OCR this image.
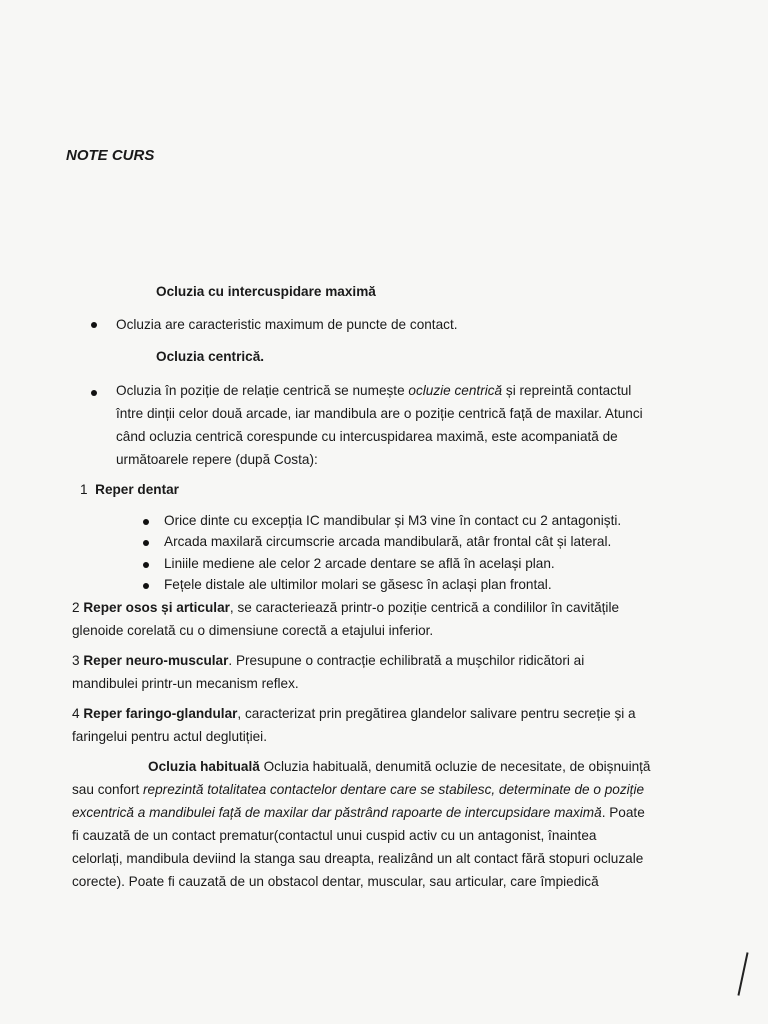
NOTE CURS
Ocluzia cu intercuspidare maximă
Ocluzia are caracteristic maximum de puncte de contact.
Ocluzia centrică.
Ocluzia în poziție de relație centrică se numește ocluzie centrică și repreintă contactul
între dinții celor două arcade, iar mandibula are o poziție centrică față de maxilar. Atunci
când ocluzia centrică corespunde cu intercuspidarea maximă, este acompaniată de
următoarele repere (după Costa):
1 Reper dentar
Orice dinte cu excepția IC mandibular și M3 vine în contact cu 2 antagoniști.
Arcada maxilară circumscrie arcada mandibulară, atâr frontal cât și lateral.
Liniile mediene ale celor 2 arcade dentare se află în același plan.
Fețele distale ale ultimilor molari se găsesc în aclași plan frontal.
2 Reper osos și articular, se caracteriează printr-o poziție centrică a condililor în cavitățile
glenoide corelată cu o dimensiune corectă a etajului inferior.
3 Reper neuro-muscular. Presupune o contracție echilibrată a mușchilor ridicători ai
mandibulei printr-un mecanism reflex.
4 Reper faringo-glandular, caracterizat prin pregătirea glandelor salivare pentru secreție și a
faringelui pentru actul deglutiției.
Ocluzia habituală Ocluzia habituală, denumită ocluzie de necesitate, de obișnuință
sau confort reprezintă totalitatea contactelor dentare care se stabilesc, determinate de o poziție
excentrică a mandibulei față de maxilar dar păstrând rapoarte de intercupsidare maximă. Poate
fi cauzată de un contact prematur(contactul unui cuspid activ cu un antagonist, înaintea
celorlați, mandibula deviind la stanga sau dreapta, realizând un alt contact fără stopuri ocluzale
corecte). Poate fi cauzată de un obstacol dentar, muscular, sau articular, care împiedică
